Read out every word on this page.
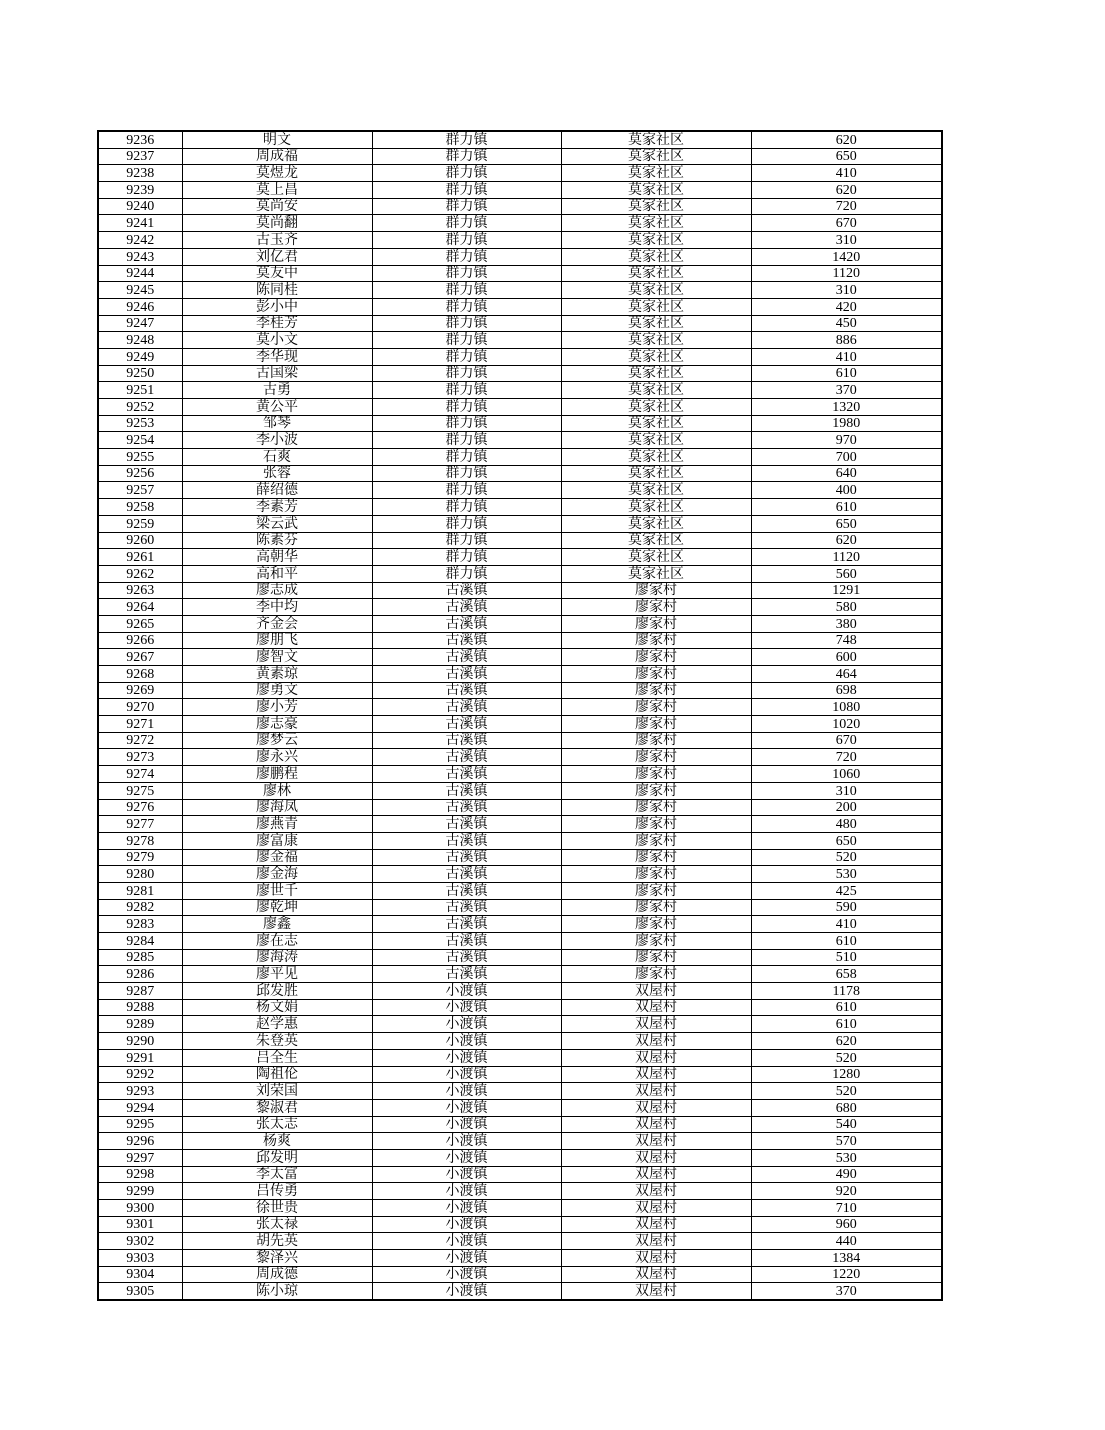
9236	明文	群力镇	莫家社区	620
9237	周成福	群力镇	莫家社区	650
9238	莫煜龙	群力镇	莫家社区	410
9239	莫上昌	群力镇	莫家社区	620
9240	莫尚安	群力镇	莫家社区	720
9241	莫尚翻	群力镇	莫家社区	670
9242	古玉齐	群力镇	莫家社区	310
9243	刘亿君	群力镇	莫家社区	1420
9244	莫友中	群力镇	莫家社区	1120
9245	陈同桂	群力镇	莫家社区	310
9246	彭小中	群力镇	莫家社区	420
9247	李桂芳	群力镇	莫家社区	450
9248	莫小文	群力镇	莫家社区	886
9249	李华现	群力镇	莫家社区	410
9250	古国梁	群力镇	莫家社区	610
9251	古勇	群力镇	莫家社区	370
9252	黄公平	群力镇	莫家社区	1320
9253	邹琴	群力镇	莫家社区	1980
9254	李小波	群力镇	莫家社区	970
9255	石爽	群力镇	莫家社区	700
9256	张蓉	群力镇	莫家社区	640
9257	薛绍德	群力镇	莫家社区	400
9258	李素芳	群力镇	莫家社区	610
9259	梁云武	群力镇	莫家社区	650
9260	陈素芬	群力镇	莫家社区	620
9261	高朝华	群力镇	莫家社区	1120
9262	高和平	群力镇	莫家社区	560
9263	廖志成	古溪镇	廖家村	1291
9264	李中均	古溪镇	廖家村	580
9265	齐金会	古溪镇	廖家村	380
9266	廖朋飞	古溪镇	廖家村	748
9267	廖智文	古溪镇	廖家村	600
9268	黄素琼	古溪镇	廖家村	464
9269	廖勇文	古溪镇	廖家村	698
9270	廖小芳	古溪镇	廖家村	1080
9271	廖志豪	古溪镇	廖家村	1020
9272	廖梦云	古溪镇	廖家村	670
9273	廖永兴	古溪镇	廖家村	720
9274	廖鹏程	古溪镇	廖家村	1060
9275	廖林	古溪镇	廖家村	310
9276	廖海凤	古溪镇	廖家村	200
9277	廖燕青	古溪镇	廖家村	480
9278	廖富康	古溪镇	廖家村	650
9279	廖金福	古溪镇	廖家村	520
9280	廖金海	古溪镇	廖家村	530
9281	廖世千	古溪镇	廖家村	425
9282	廖乾坤	古溪镇	廖家村	590
9283	廖鑫	古溪镇	廖家村	410
9284	廖在志	古溪镇	廖家村	610
9285	廖海涛	古溪镇	廖家村	510
9286	廖平见	古溪镇	廖家村	658
9287	邱发胜	小渡镇	双屋村	1178
9288	杨文娟	小渡镇	双屋村	610
9289	赵学惠	小渡镇	双屋村	610
9290	朱登英	小渡镇	双屋村	620
9291	吕全生	小渡镇	双屋村	520
9292	陶祖伦	小渡镇	双屋村	1280
9293	刘荣国	小渡镇	双屋村	520
9294	黎淑君	小渡镇	双屋村	680
9295	张太志	小渡镇	双屋村	540
9296	杨爽	小渡镇	双屋村	570
9297	邱发明	小渡镇	双屋村	530
9298	李太富	小渡镇	双屋村	490
9299	吕传勇	小渡镇	双屋村	920
9300	徐世贵	小渡镇	双屋村	710
9301	张太禄	小渡镇	双屋村	960
9302	胡先英	小渡镇	双屋村	440
9303	黎泽兴	小渡镇	双屋村	1384
9304	周成德	小渡镇	双屋村	1220
9305	陈小琼	小渡镇	双屋村	370
